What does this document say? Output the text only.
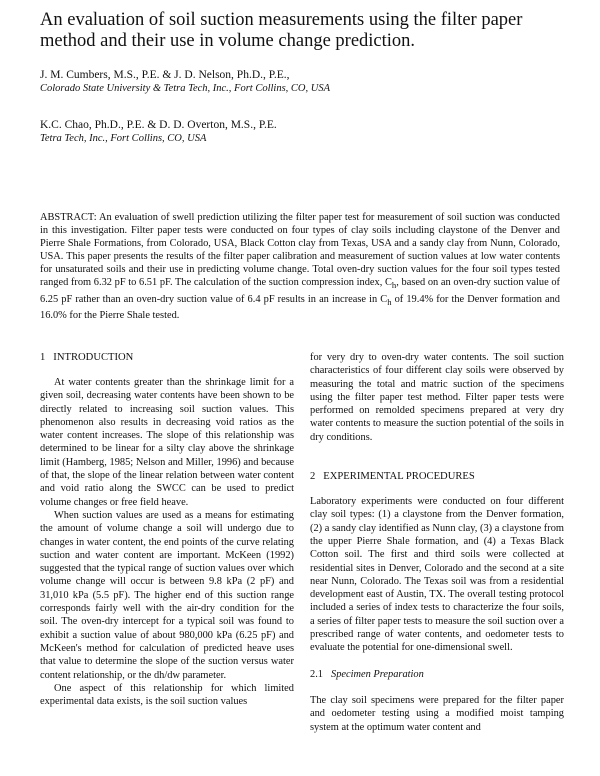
An evaluation of soil suction measurements using the filter paper method and their use in volume change prediction.
J. M. Cumbers, M.S., P.E. & J. D. Nelson, Ph.D., P.E.,
Colorado State University & Tetra Tech, Inc., Fort Collins, CO, USA
K.C. Chao, Ph.D., P.E. & D. D. Overton, M.S., P.E.
Tetra Tech, Inc., Fort Collins, CO, USA

ABSTRACT: An evaluation of swell prediction utilizing the filter paper test for measurement of soil suction was conducted in this investigation. Filter paper tests were conducted on four types of clay soils including claystone of the Denver and Pierre Shale Formations, from Colorado, USA, Black Cotton clay from Texas, USA and a sandy clay from Nunn, Colorado, USA. This paper presents the results of the filter paper calibration and measurement of suction values at low water contents for unsaturated soils and their use in predicting volume change. Total oven-dry suction values for the four soil types tested ranged from 6.32 pF to 6.51 pF. The calculation of the suction compression index, $C_h$, based on an oven-dry suction value of 6.25 pF rather than an oven-dry suction value of 6.4 pF results in an increase in $C_h$ of 19.4% for the Denver formation and 16.0% for the Pierre Shale tested.

1 INTRODUCTION

At water contents greater than the shrinkage limit for a given soil, decreasing water contents have been shown to be directly related to increasing soil suction values. This phenomenon also results in decreasing void ratios as the water content increases. The slope of this relationship was determined to be linear for a silty clay above the shrinkage limit (Hamberg, 1985; Nelson and Miller, 1996) and because of that, the slope of the linear relation between water content and void ratio along the SWCC can be used to predict volume changes or free field heave.

When suction values are used as a means for estimating the amount of volume change a soil will undergo due to changes in water content, the end points of the curve relating suction and water content are important. McKeen (1992) suggested that the typical range of suction values over which volume change will occur is between 9.8 kPa (2 pF) and 31,010 kPa (5.5 pF). The higher end of this suction range corresponds fairly well with the air-dry condition for the soil. The oven-dry intercept for a typical soil was found to exhibit a suction value of about 980,000 kPa (6.25 pF) and McKeen's method for calculation of predicted heave uses that value to determine the slope of the suction versus water content relationship, or the dh/dw parameter.

One aspect of this relationship for which limited experimental data exists, is the soil suction values

for very dry to oven-dry water contents. The soil suction characteristics of four different clay soils were observed by measuring the total and matric suction of the specimens using the filter paper test method. Filter paper tests were performed on remolded specimens prepared at very dry water contents to measure the suction potential of the soils in dry conditions.

2 EXPERIMENTAL PROCEDURES

Laboratory experiments were conducted on four different clay soil types: (1) a claystone from the Denver formation, (2) a sandy clay identified as Nunn clay, (3) a claystone from the upper Pierre Shale formation, and (4) a Texas Black Cotton soil. The first and third soils were collected at residential sites in Denver, Colorado and the second at a site near Nunn, Colorado. The Texas soil was from a residential development east of Austin, TX. The overall testing protocol included a series of index tests to characterize the four soils, a series of filter paper tests to measure the soil suction over a prescribed range of water contents, and oedometer tests to evaluate the potential for one-dimensional swell.

2.1 Specimen Preparation

The clay soil specimens were prepared for the filter paper and oedometer testing using a modified moist tamping system at the optimum water content and
